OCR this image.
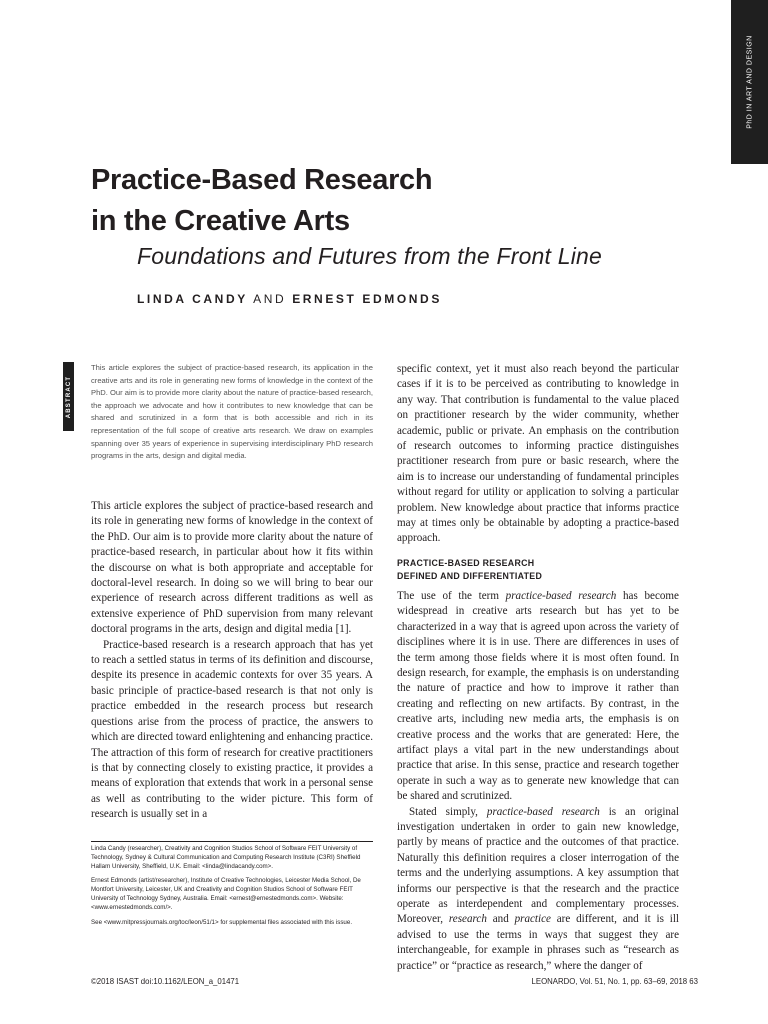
PhD IN ART AND DESIGN
Practice-Based Research
in the Creative Arts
Foundations and Futures from the Front Line
LINDA CANDY AND ERNEST EDMONDS
ABSTRACT

This article explores the subject of practice-based research, its application in the creative arts and its role in generating new forms of knowledge in the context of the PhD. Our aim is to provide more clarity about the nature of practice-based research, the approach we advocate and how it contributes to new knowledge that can be shared and scrutinized in a form that is both accessible and rich in its representation of the full scope of creative arts research. We draw on examples spanning over 35 years of experience in supervising interdisciplinary PhD research programs in the arts, design and digital media.

This article explores the subject of practice-based research and its role in generating new forms of knowledge in the context of the PhD. Our aim is to provide more clarity about the nature of practice-based research, in particular about how it fits within the discourse on what is both appropriate and acceptable for doctoral-level research. In doing so we will bring to bear our experience of research across different traditions as well as extensive experience of PhD supervision from many relevant doctoral programs in the arts, design and digital media [1].

Practice-based research is a research approach that has yet to reach a settled status in terms of its definition and discourse, despite its presence in academic contexts for over 35 years. A basic principle of practice-based research is that not only is practice embedded in the research process but research questions arise from the process of practice, the answers to which are directed toward enlightening and enhancing practice. The attraction of this form of research for creative practitioners is that by connecting closely to existing practice, it provides a means of exploration that extends that work in a personal sense as well as contributing to the wider picture. This form of research is usually set in a

specific context, yet it must also reach beyond the particular cases if it is to be perceived as contributing to knowledge in any way. That contribution is fundamental to the value placed on practitioner research by the wider community, whether academic, public or private. An emphasis on the contribution of research outcomes to informing practice distinguishes practitioner research from pure or basic research, where the aim is to increase our understanding of fundamental principles without regard for utility or application to solving a particular problem. New knowledge about practice that informs practice may at times only be obtainable by adopting a practice-based approach.

PRACTICE-BASED RESEARCH
DEFINED AND DIFFERENTIATED

The use of the term practice-based research has become widespread in creative arts research but has yet to be characterized in a way that is agreed upon across the variety of disciplines where it is in use. There are differences in uses of the term among those fields where it is most often found. In design research, for example, the emphasis is on understanding the nature of practice and how to improve it rather than creating and reflecting on new artifacts. By contrast, in the creative arts, including new media arts, the emphasis is on creative process and the works that are generated: Here, the artifact plays a vital part in the new understandings about practice that arise. In this sense, practice and research together operate in such a way as to generate new knowledge that can be shared and scrutinized.

Stated simply, practice-based research is an original investigation undertaken in order to gain new knowledge, partly by means of practice and the outcomes of that practice. Naturally this definition requires a closer interrogation of the terms and the underlying assumptions. A key assumption that informs our perspective is that the research and the practice operate as interdependent and complementary processes. Moreover, research and practice are different, and it is ill advised to use the terms in ways that suggest they are interchangeable, for example in phrases such as “research as practice” or “practice as research,” where the danger of

Linda Candy (researcher), Creativity and Cognition Studios School of Software FEIT University of Technology, Sydney & Cultural Communication and Computing Research Institute (C3RI) Sheffield Hallam University, Sheffield, U.K. Email: <linda@lindacandy.com>.

Ernest Edmonds (artist/researcher), Institute of Creative Technologies, Leicester Media School, De Montfort University, Leicester, UK and Creativity and Cognition Studios School of Software FEIT University of Technology Sydney, Australia. Email: <ernest@ernestedmonds.com>. Website: <www.ernestedmonds.com/>.

See <www.mitpressjournals.org/toc/leon/51/1> for supplemental files associated with this issue.

©2018 ISAST doi:10.1162/LEON_a_01471	LEONARDO, Vol. 51, No. 1, pp. 63–69, 2018 63
